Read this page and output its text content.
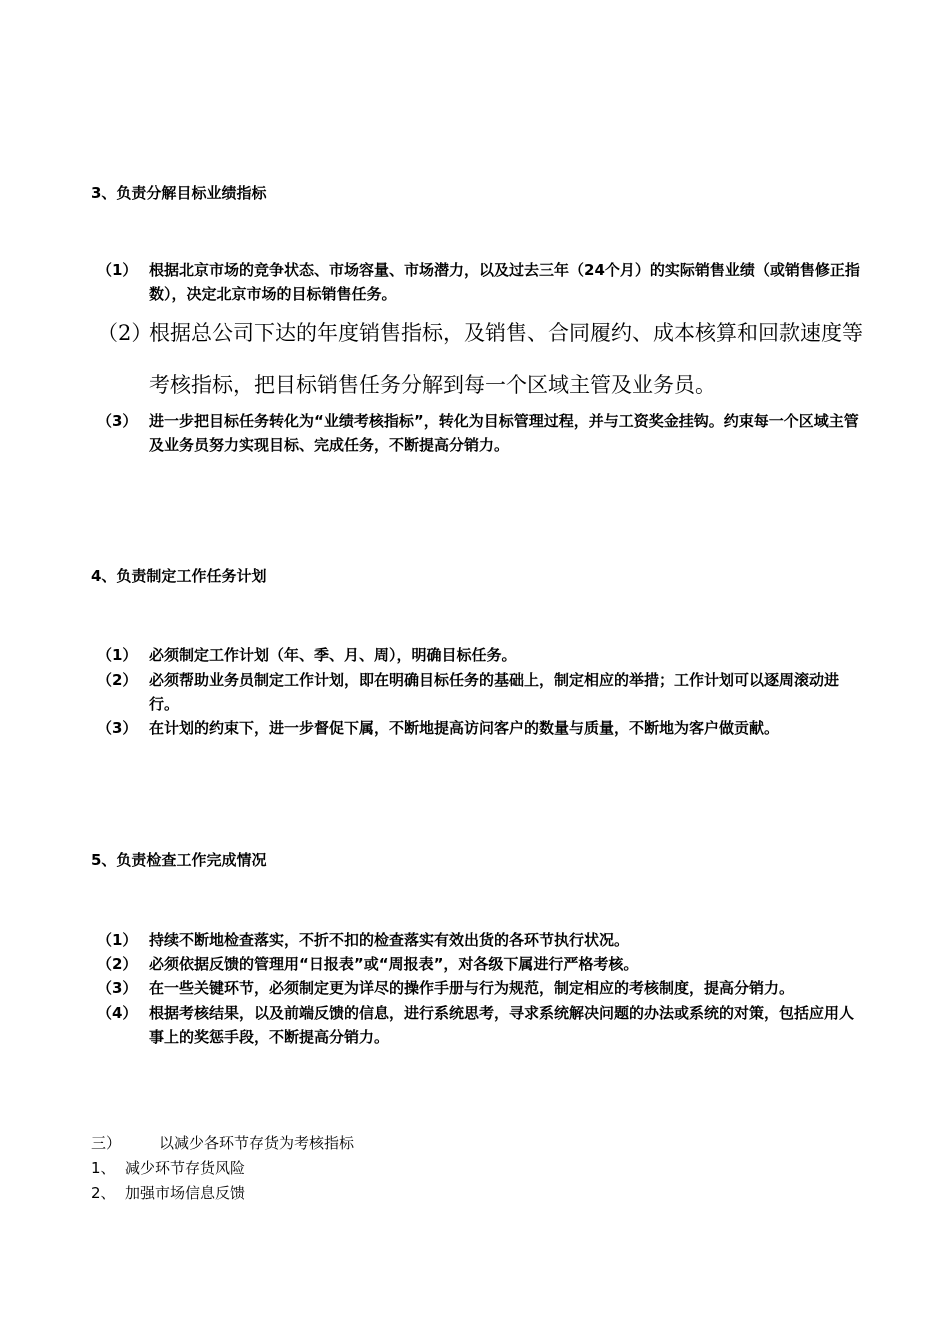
3、负责分解目标业绩指标
（1） 根据北京市场的竞争状态、市场容量、市场潜力，以及过去三年（24个月）的实际销售业绩（或销售修正指数），决定北京市场的目标销售任务。
（2）
根据总公司下达的年度销售指标，及销售、合同履约、成本核算和回款速度等考核指标，把目标销售任务分解到每一个区域主管及业务员。
（3） 进一步把目标任务转化为“业绩考核指标”，转化为目标管理过程，并与工资奖金挂钩。约束每一个区域主管及业务员努力实现目标、完成任务，不断提高分销力。
4、负责制定工作任务计划
（1） 必须制定工作计划（年、季、月、周），明确目标任务。
（2） 必须帮助业务员制定工作计划，即在明确目标任务的基础上，制定相应的举措；工作计划可以逐周滚动进行。
（3） 在计划的约束下，进一步督促下属，不断地提高访问客户的数量与质量，不断地为客户做贡献。
5、负责检查工作完成情况
（1） 持续不断地检查落实，不折不扣的检查落实有效出货的各环节执行状况。
（2） 必须依据反馈的管理用“日报表”或“周报表”，对各级下属进行严格考核。
（3） 在一些关键环节，必须制定更为详尽的操作手册与行为规范，制定相应的考核制度，提高分销力。
（4） 根据考核结果，以及前端反馈的信息，进行系统思考，寻求系统解决问题的办法或系统的对策，包括应用人事上的奖惩手段，不断提高分销力。
三）	以减少各环节存货为考核指标
1、 减少环节存货风险
2、 加强市场信息反馈
